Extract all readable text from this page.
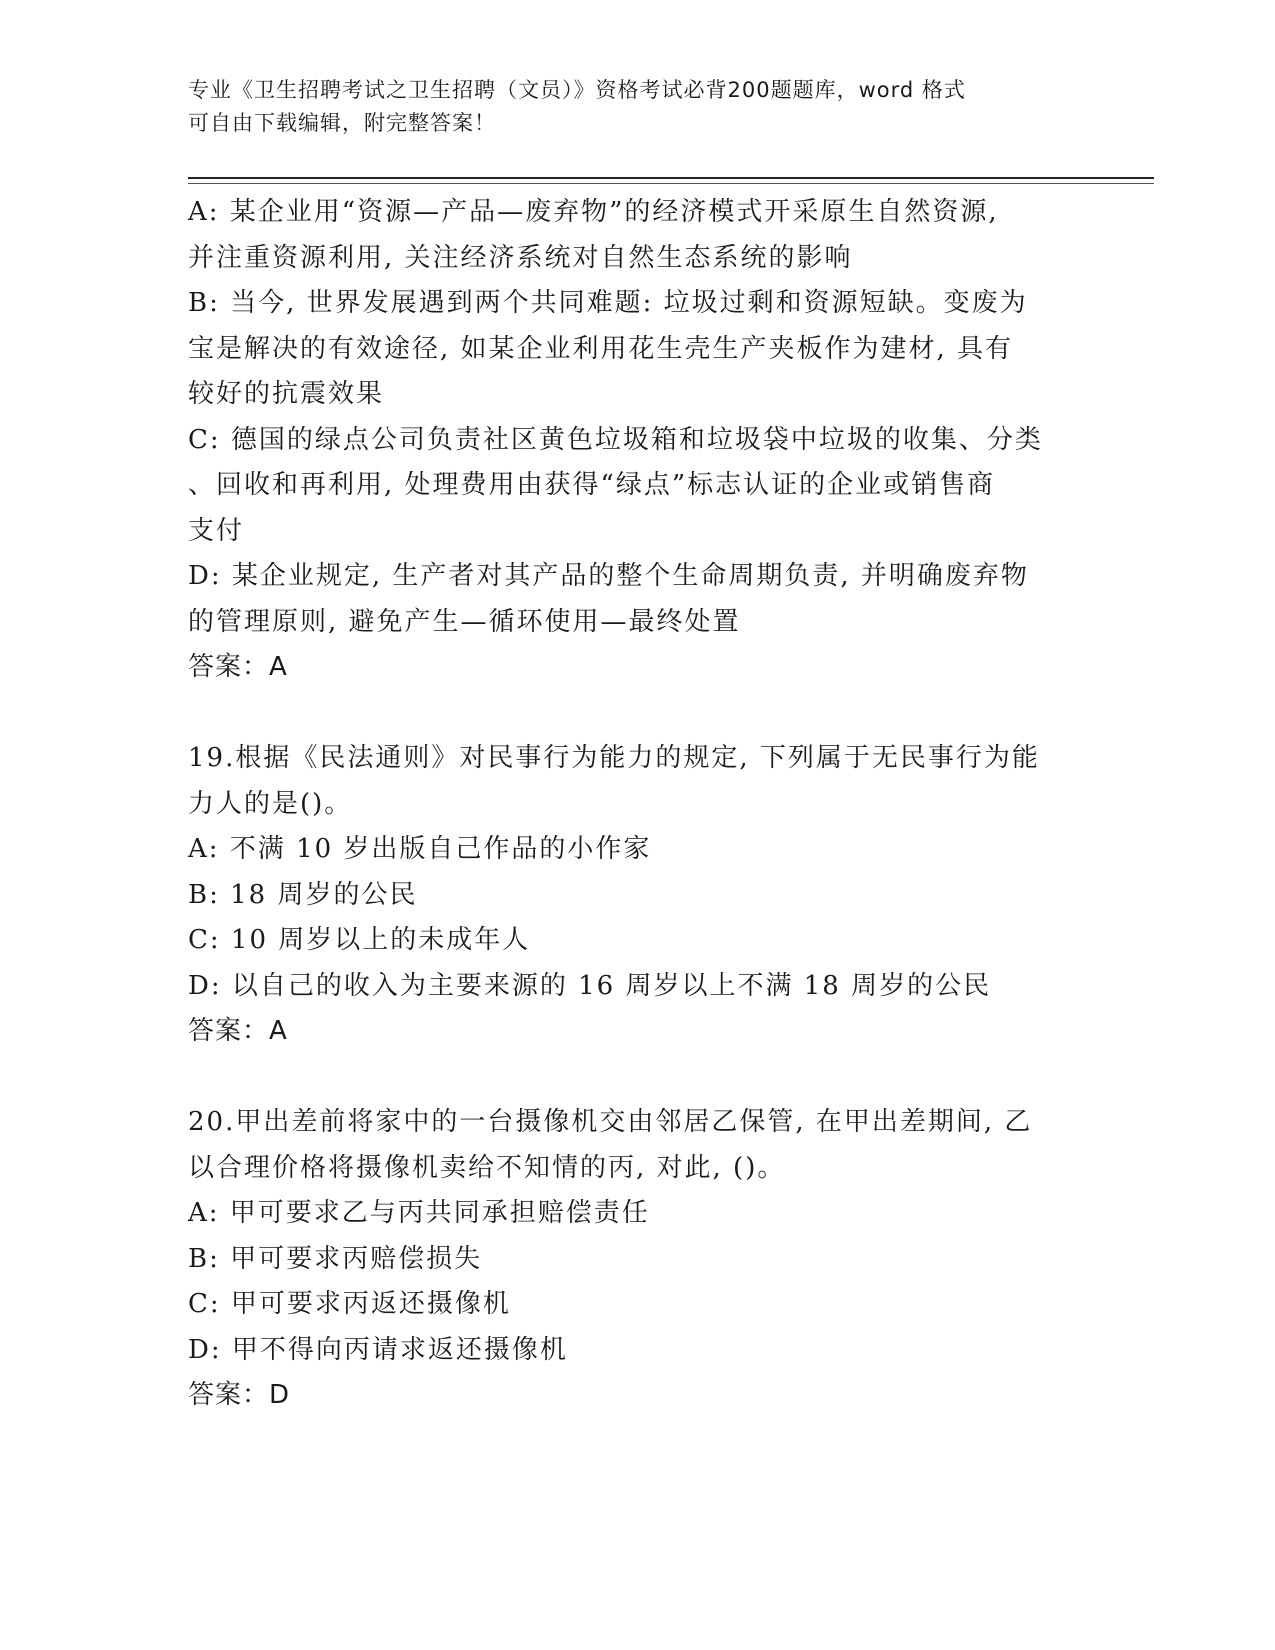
专业《卫生招聘考试之卫生招聘（文员）》资格考试必背200题题库，word 格式
可自由下载编辑，附完整答案！

A: 某企业用“资源—产品—废弃物”的经济模式开采原生自然资源,

并注重资源利用, 关注经济系统对自然生态系统的影响

B: 当今, 世界发展遇到两个共同难题: 垃圾过剩和资源短缺。变废为

宝是解决的有效途径, 如某企业利用花生壳生产夹板作为建材, 具有

较好的抗震效果

C: 德国的绿点公司负责社区黄色垃圾箱和垃圾袋中垃圾的收集、分类

、回收和再利用, 处理费用由获得“绿点”标志认证的企业或销售商

支付

D: 某企业规定, 生产者对其产品的整个生命周期负责, 并明确废弃物

的管理原则, 避免产生—循环使用—最终处置

答案：A

19.根据《民法通则》对民事行为能力的规定, 下列属于无民事行为能

力人的是()。

A: 不满 10 岁出版自己作品的小作家

B: 18 周岁的公民

C: 10 周岁以上的未成年人

D: 以自己的收入为主要来源的 16 周岁以上不满 18 周岁的公民

答案：A

20.甲出差前将家中的一台摄像机交由邻居乙保管, 在甲出差期间, 乙

以合理价格将摄像机卖给不知情的丙, 对此, ()。

A: 甲可要求乙与丙共同承担赔偿责任

B: 甲可要求丙赔偿损失

C: 甲可要求丙返还摄像机

D: 甲不得向丙请求返还摄像机

答案：D
